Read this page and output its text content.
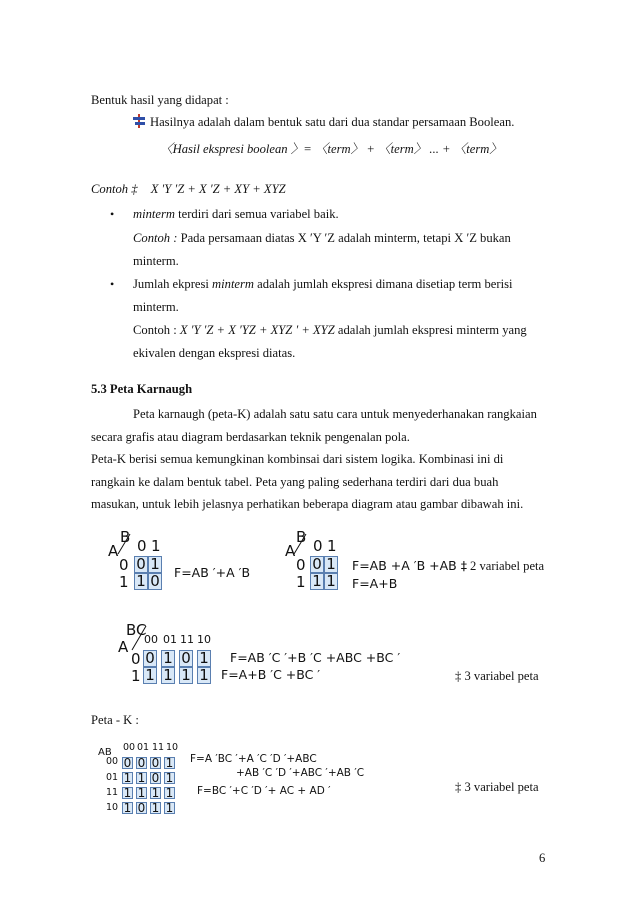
Bentuk hasil yang didapat :
Hasilnya adalah dalam bentuk satu dari dua standar persamaan Boolean.
〈Hasil ekspresi boolean 〉= 〈term〉 + 〈term〉 ... + 〈term〉
Contoh ‡ X ′Y ′Z + X ′Z + XY + XYZ
• minterm terdiri dari semua variabel baik.
Contoh : Pada persamaan diatas X ′Y ′Z adalah minterm, tetapi X ′Z bukan
minterm.
• Jumlah ekpresi minterm adalah jumlah ekspresi dimana disetiap term berisi
minterm.
Contoh : X ′Y ′Z + X ′YZ + XYZ ′ + XYZ adalah jumlah ekspresi minterm yang
ekivalen dengan ekspresi diatas.
5.3 Peta Karnaugh
Peta karnaugh (peta-K) adalah satu satu cara untuk menyederhanakan rangkaian
secara grafis atau diagram berdasarkan teknik pengenalan pola.
Peta-K berisi semua kemungkinan kombinsai dari sistem logika. Kombinasi ini di
rangkain ke dalam bentuk tabel. Peta yang paling sederhana terdiri dari dua buah
masukan, untuk lebih jelasnya perhatikan beberapa diagram atau gambar dibawah ini.
B
A 0 1
0
1
0 1
1 0 F=AB ′+A ′B
B
A 0 1
0
1
0 1
1 1
F=AB +A ′B +AB ‡
F=A+B
2 variabel peta
BC
A 00 01 11 10
0
1
0 1 0 1
1 1 1 1
F=AB ′C ′+B ′C +ABC +BC ′
F=A+B ′C +BC ′	‡ 3 variabel peta
Peta - K :
AB 00 01 11 10
00
01
11
10
0 0 0 1
1 1 0 1
1 1 1 1
1 0 1 1
F=A ′BC ′+A ′C ′D ′+ABC
+AB ′C ′D ′+ABC ′+AB ′C
F=BC ′+C ′D ′+ AC + AD ′	‡ 3 variabel peta
6
